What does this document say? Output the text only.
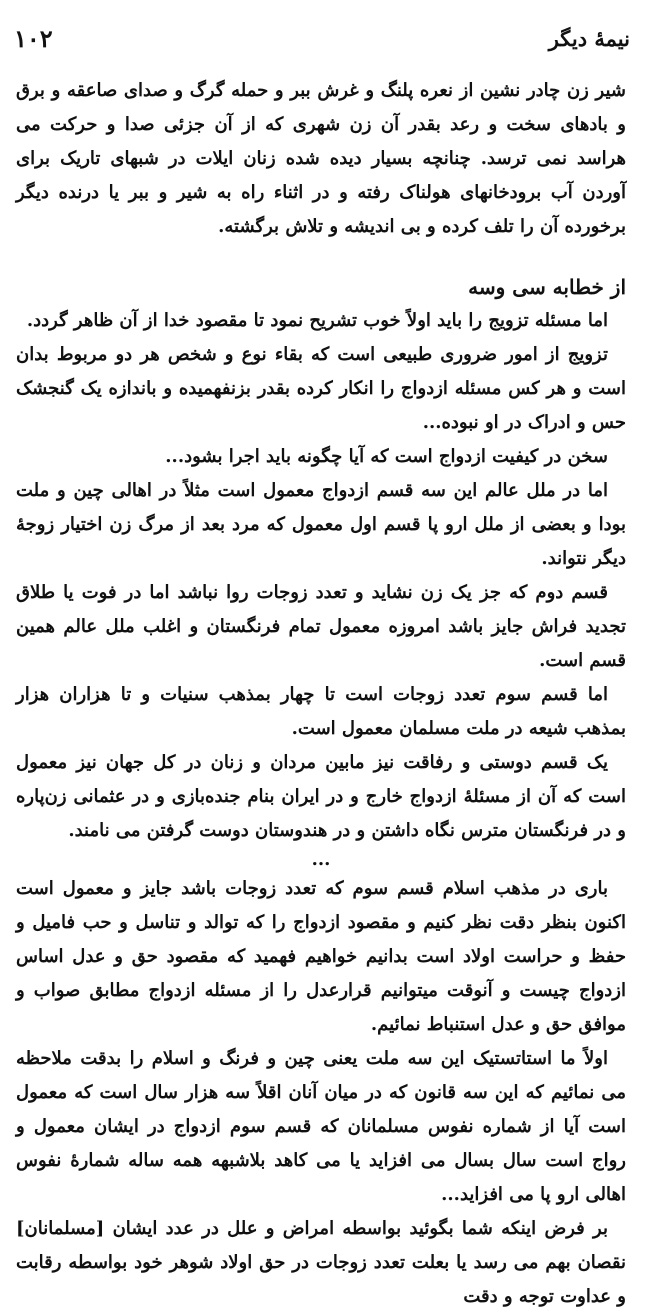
نیمهٔ دیگر
۱۰۲

شیر زن چادر نشین از نعره پلنگ و غرش ببر و حمله گرگ و صدای صاعقه و برق و بادهای سخت و رعد بقدر آن زن شهری که از آن جزئی صدا و حرکت می هراسد نمی ترسد. چنانچه بسیار دیده شده زنان ایلات در شبهای تاریک برای آوردن آب برودخانهای هولناک رفته و در اثناء راه به شیر و ببر یا درنده دیگر برخورده آن را تلف کرده و بی اندیشه و تلاش برگشته.

از خطابه سی وسه

اما مسئله تزویج را باید اولاً خوب تشریح نمود تا مقصود خدا از آن ظاهر گردد.

تزویج از امور ضروری طبیعی است که بقاء نوع و شخص هر دو مربوط بدان است و هر کس مسئله ازدواج را انکار کرده بقدر بزنفهمیده و باندازه یک گنجشک حس و ادراک در او نبوده...

سخن در کیفیت ازدواج است که آیا چگونه باید اجرا بشود...

اما در ملل عالم این سه قسم ازدواج معمول است مثلاً در اهالی چین و ملت بودا و بعضی از ملل ارو پا قسم اول معمول که مرد بعد از مرگ زن اختیار زوجهٔ دیگر نتواند.

قسم دوم که جز یک زن نشاید و تعدد زوجات روا نباشد اما در فوت یا طلاق تجدید فراش جایز باشد امروزه معمول تمام فرنگستان و اغلب ملل عالم همین قسم است.

اما قسم سوم تعدد زوجات است تا چهار بمذهب سنیات و تا هزاران هزار بمذهب شیعه در ملت مسلمان معمول است.

یک قسم دوستی و رفاقت نیز مابین مردان و زنان در کل جهان نیز معمول است که آن از مسئلهٔ ازدواج خارج و در ایران بنام جنده‌بازی و در عثمانی زن‌پاره و در فرنگستان مترس نگاه داشتن و در هندوستان دوست گرفتن می نامند.

...

باری در مذهب اسلام قسم سوم که تعدد زوجات باشد جایز و معمول است اکنون بنظر دقت نظر کنیم و مقصود ازدواج را که توالد و تناسل و حب فامیل و حفظ و حراست اولاد است بدانیم خواهیم فهمید که مقصود حق و عدل اساس ازدواج چیست و آنوقت میتوانیم قرارعدل را از مسئله ازدواج مطابق صواب و موافق حق و عدل استنباط نمائیم.

اولاً ما استاتستیک این سه ملت یعنی چین و فرنگ و اسلام را بدقت ملاحظه می نمائیم که این سه قانون که در میان آنان اقلاً سه هزار سال است که معمول است آیا از شماره نفوس مسلمانان که قسم سوم ازدواج در ایشان معمول و رواج است سال بسال می افزاید یا می کاهد بلاشبهه همه ساله شمارهٔ نفوس اهالی ارو پا می افزاید...

بر فرض اینکه شما بگوئید بواسطه امراض و علل در عدد ایشان [مسلمانان] نقصان بهم می رسد یا بعلت تعدد زوجات در حق اولاد شوهر خود بواسطه رقابت و عداوت توجه و دقت
